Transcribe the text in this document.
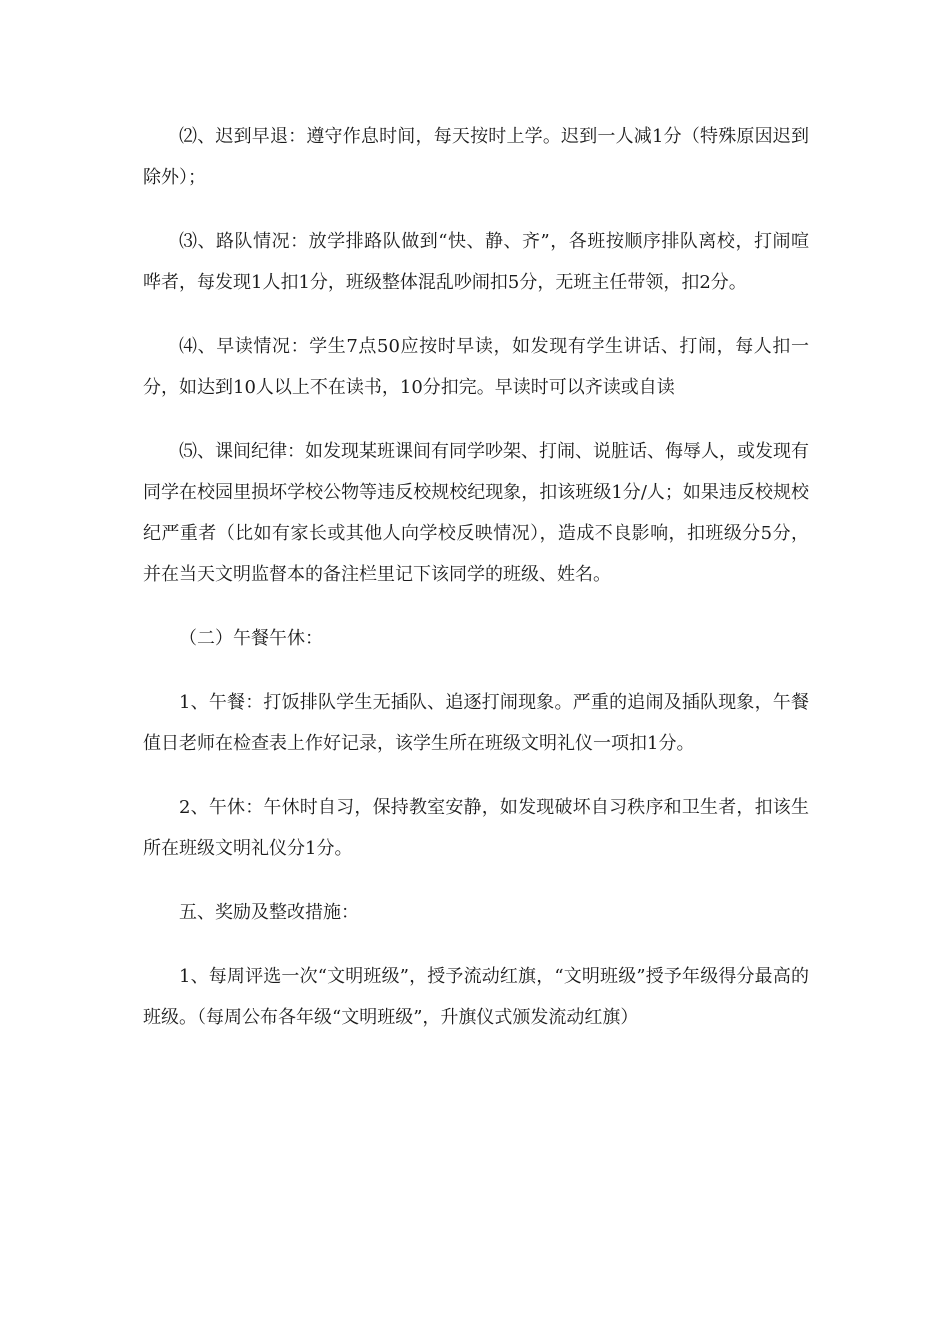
⑵、迟到早退：遵守作息时间，每天按时上学。迟到一人减1分（特殊原因迟到除外）；

⑶、路队情况：放学排路队做到“快、静、齐”，各班按顺序排队离校，打闹喧哗者，每发现1人扣1分，班级整体混乱吵闹扣5分，无班主任带领，扣2分。

⑷、早读情况：学生7点50应按时早读，如发现有学生讲话、打闹，每人扣一分，如达到10人以上不在读书，10分扣完。早读时可以齐读或自读

⑸、课间纪律：如发现某班课间有同学吵架、打闹、说脏话、侮辱人，或发现有同学在校园里损坏学校公物等违反校规校纪现象，扣该班级1分/人；如果违反校规校纪严重者（比如有家长或其他人向学校反映情况），造成不良影响，扣班级分5分，并在当天文明监督本的备注栏里记下该同学的班级、姓名。

（二）午餐午休：

1、午餐：打饭排队学生无插队、追逐打闹现象。严重的追闹及插队现象，午餐值日老师在检查表上作好记录，该学生所在班级文明礼仪一项扣1分。

2、午休：午休时自习，保持教室安静，如发现破坏自习秩序和卫生者，扣该生所在班级文明礼仪分1分。

五、奖励及整改措施：

1、每周评选一次“文明班级”，授予流动红旗，“文明班级”授予年级得分最高的班级。（每周公布各年级“文明班级”，升旗仪式颁发流动红旗）
